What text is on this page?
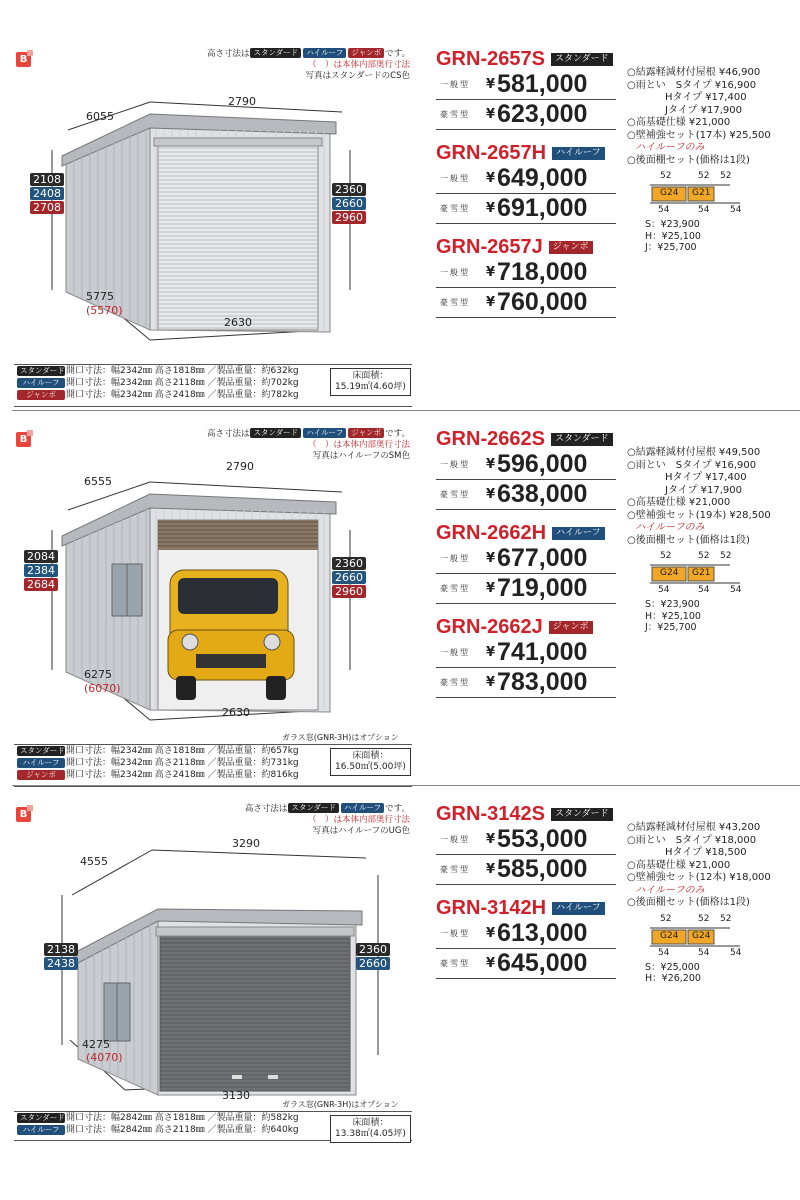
B
高さ寸法は スタンダード ハイルーフ ジャンボ です。
（　）は本体内部奥行寸法
写真はスタンダードのCS色
6055
2790
5775
(5570)
2630
2108
2408
2708
2360
2660
2960
スタンダード開口寸法：幅2342㎜ 高さ1818㎜ ／製品重量：約632kg
ハイルーフ 開口寸法：幅2342㎜ 高さ2118㎜ ／製品重量：約702kg
ジャンボ 開口寸法：幅2342㎜ 高さ2418㎜ ／製品重量：約782kg
床面積：
15.19㎡(4.60坪)
GRN-2657S	スタンダード
一般型	¥ 581,000
豪雪型	¥ 623,000
GRN-2657H	ハイルーフ
一般型	¥ 649,000
豪雪型	¥ 691,000
GRN-2657J	ジャンボ
一般型	¥ 718,000
豪雪型	¥ 760,000
○結露軽減材付屋根 ¥46,900
○雨とい　Sタイプ ¥16,900
Hタイプ ¥17,400
Jタイプ ¥17,900
○高基礎仕様 ¥21,000
○壁補強セット(17本) ¥25,500
ハイルーフのみ
○後面棚セット(価格は1段)
52	52 52
54	54 54
G24 G21
S：¥23,900
H：¥25,100
J：¥25,700
B
高さ寸法は スタンダード ハイルーフ ジャンボ です。
（　）は本体内部奥行寸法
写真はハイルーフのSM色
6555
2790
6275
(6070)
2630
2084
2384
2684
2360
2660
2960
スタンダード開口寸法：幅2342㎜ 高さ1818㎜ ／製品重量：約657kg
ハイルーフ 開口寸法：幅2342㎜ 高さ2118㎜ ／製品重量：約731kg
ジャンボ 開口寸法：幅2342㎜ 高さ2418㎜ ／製品重量：約816kg
床面積：
16.50㎡(5.00坪)
ガラス窓(GNR-3H)はオプション
GRN-2662S	スタンダード
一般型	¥ 596,000
豪雪型	¥ 638,000
GRN-2662H	ハイルーフ
一般型	¥ 677,000
豪雪型	¥ 719,000
GRN-2662J	ジャンボ
一般型	¥ 741,000
豪雪型	¥ 783,000
○結露軽減材付屋根 ¥49,500
○雨とい　Sタイプ ¥16,900
Hタイプ ¥17,400
Jタイプ ¥17,900
○高基礎仕様 ¥21,000
○壁補強セット(19本) ¥28,500
ハイルーフのみ
○後面棚セット(価格は1段)
52	52 52
54	54 54
G24 G21
S：¥23,900
H：¥25,100
J：¥25,700
B
高さ寸法は スタンダード ハイルーフ です。
（　）は本体内部奥行寸法
写真はハイルーフのUG色
4555
3290
4275
(4070)
3130
2138
2438
2360
2660
スタンダード開口寸法：幅2842㎜ 高さ1818㎜ ／製品重量：約582kg
ハイルーフ 開口寸法：幅2842㎜ 高さ2118㎜ ／製品重量：約640kg
床面積：
13.38㎡(4.05坪)
ガラス窓(GNR-3H)はオプション
GRN-3142S	スタンダード
一般型	¥ 553,000
豪雪型	¥ 585,000
GRN-3142H	ハイルーフ
一般型	¥ 613,000
豪雪型	¥ 645,000
○結露軽減材付屋根 ¥43,200
○雨とい　Sタイプ ¥18,000
Hタイプ ¥18,500
○高基礎仕様 ¥21,000
○壁補強セット(12本) ¥18,000
ハイルーフのみ
○後面棚セット(価格は1段)
52	52 52
54	54 54
G24 G24
S：¥25,000
H：¥26,200
